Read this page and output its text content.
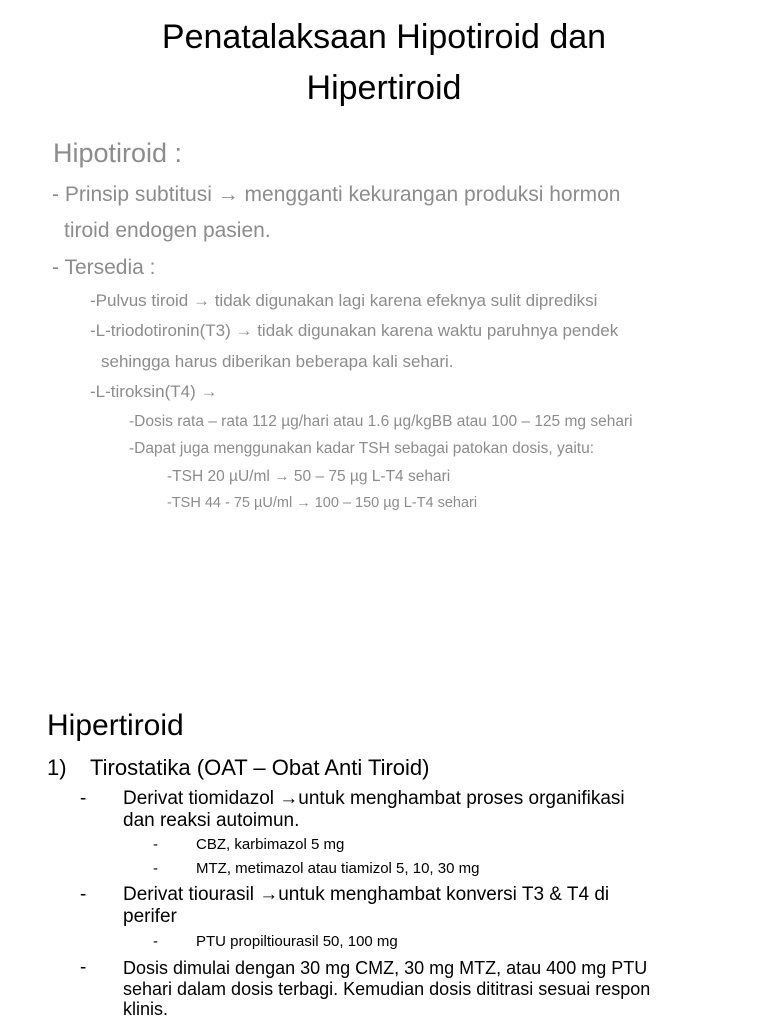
Penatalaksaan Hipotiroid dan
Hipertiroid
Hipotiroid :
- Prinsip subtitusi → mengganti kekurangan produksi hormon
tiroid endogen pasien.
- Tersedia :
-Pulvus tiroid → tidak digunakan lagi karena efeknya sulit diprediksi
-L-triodotironin(T3) → tidak digunakan karena waktu paruhnya pendek
sehingga harus diberikan beberapa kali sehari.
-L-tiroksin(T4) →
-Dosis rata – rata 112 µg/hari atau 1.6 µg/kgBB atau 100 – 125 mg sehari
-Dapat juga menggunakan kadar TSH sebagai patokan dosis, yaitu:
-TSH 20 µU/ml → 50 – 75 µg L-T4 sehari
-TSH 44 - 75 µU/ml → 100 – 150 µg L-T4 sehari
Hipertiroid
1) Tirostatika (OAT – Obat Anti Tiroid)
- Derivat tiomidazol →untuk menghambat proses organifikasi
dan reaksi autoimun.
-	CBZ, karbimazol 5 mg
-	MTZ, metimazol atau tiamizol 5, 10, 30 mg
- Derivat tiourasil →untuk menghambat konversi T3 & T4 di
perifer
-	PTU propiltiourasil 50, 100 mg
- Dosis dimulai dengan 30 mg CMZ, 30 mg MTZ, atau 400 mg PTU
sehari dalam dosis terbagi. Kemudian dosis dititrasi sesuai respon
klinis.
